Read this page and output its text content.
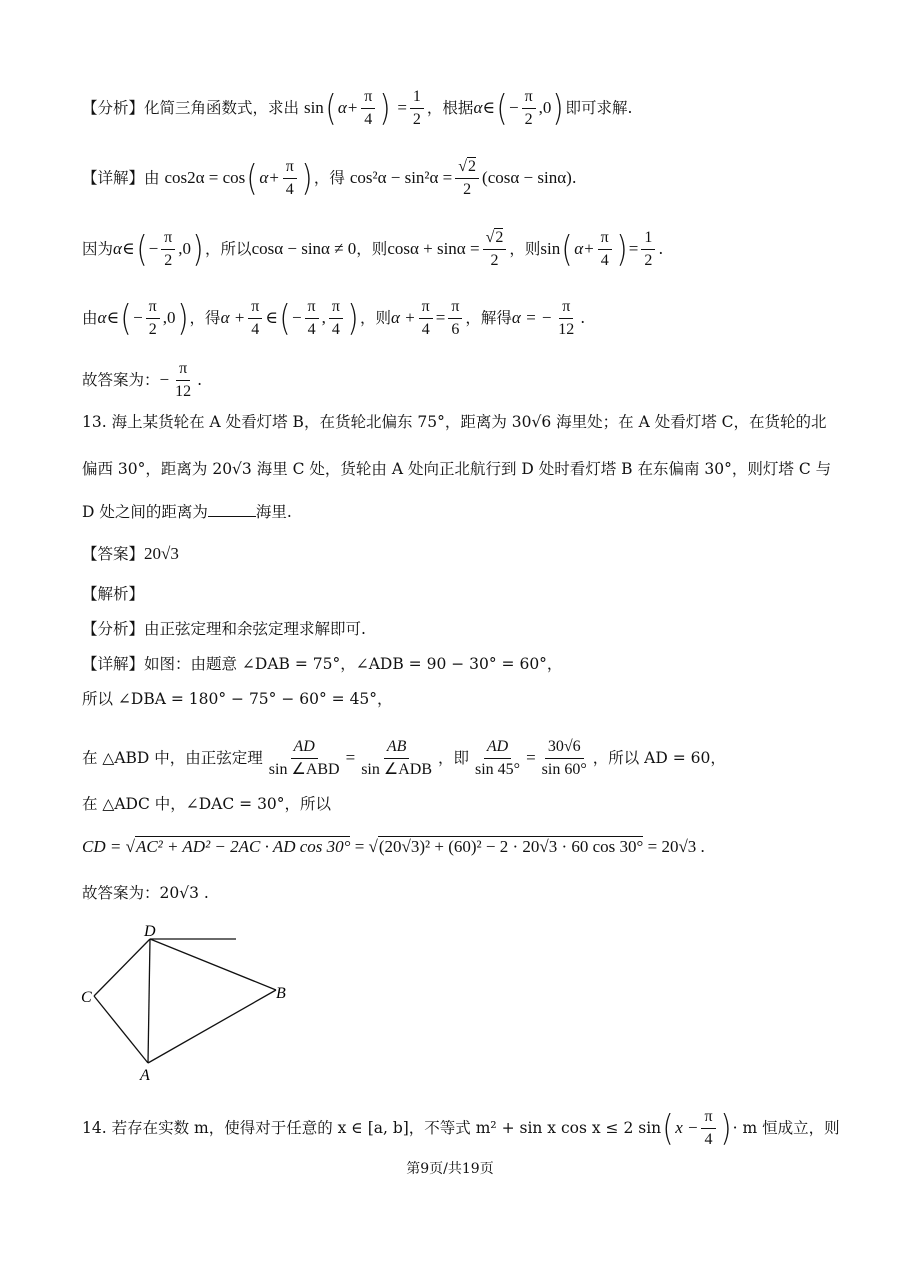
【分析】化简三角函数式，求出 $\sin(\alpha+ \frac{\pi}{4}$ ) = $\frac{1}{2}$ ，根据α∈(− $\frac{\pi}{2} ,0$)即可求解.
【详解】由 $\cos 2\alpha = \cos(\alpha+ \frac{\pi}{4}$ )，得 $\cos^2\alpha - \sin^2\alpha = \frac{√2}{2} (\cos\alpha - \sin\alpha)$.
因为α∈(− $\frac{\pi}{2} ,0$)，所以cosα − sinα ≠ 0，则$\cos\alpha + \sin\alpha = \frac{√2}{2}$ ，则$\sin(\alpha+ \frac{\pi}{4}$ )= $\frac{1}{2}$ .
由α∈(− $\frac{\pi}{2} ,0$)，得$\alpha + \frac{\pi}{4}$ ∈(− $\frac{\pi}{4}$ , $\frac{\pi}{4}$ )，则$\alpha + \frac{\pi}{4} = \frac{\pi}{6}$ ，解得α = − $\frac{\pi}{12}$ .
故答案为：− $\frac{\pi}{12}$ .
13. 海上某货轮在 A 处看灯塔 B，在货轮北偏东 75°，距离为 30√6 海里处；在 A 处看灯塔 C，在货轮的北
偏西 30°，距离为 20√3 海里 C 处，货轮由 A 处向正北航行到 D 处时看灯塔 B 在东偏南 30°，则灯塔 C 与
D 处之间的距离为	海里.
【答案】20√3
【解析】
【分析】由正弦定理和余弦定理求解即可.
【详解】如图：由题意 ∠DAB = 75°，∠ADB = 90 − 30° = 60°，
所以 ∠DBA = 180° − 75° − 60° = 45°，
在 △ABD 中，由正弦定理 $\frac{AD}{\text{sin ∠ABD}} = \frac{AB}{\text{sin ∠ADB}}$ ，即 $\frac{AD}{\sin 45^\circ} = \frac{30√6}{\sin 60^\circ}$ ，所以 AD = 60，
在 △ADC 中，∠DAC = 30°，所以
CD = √AC² + AD² − 2AC · AD cos 30° = √(20√3)² + (60)² − 2 · 20√3 · 60 cos 30° = 20√3 .
故答案为：20√3 .
D
C	B
A
14. 若存在实数 m，使得对于任意的 x ∈ [a, b]，不等式 m² + sin x cos x ≤ 2 $\sin(x - \frac{\pi}{4}$ )· m 恒成立，则
第9页/共19页
